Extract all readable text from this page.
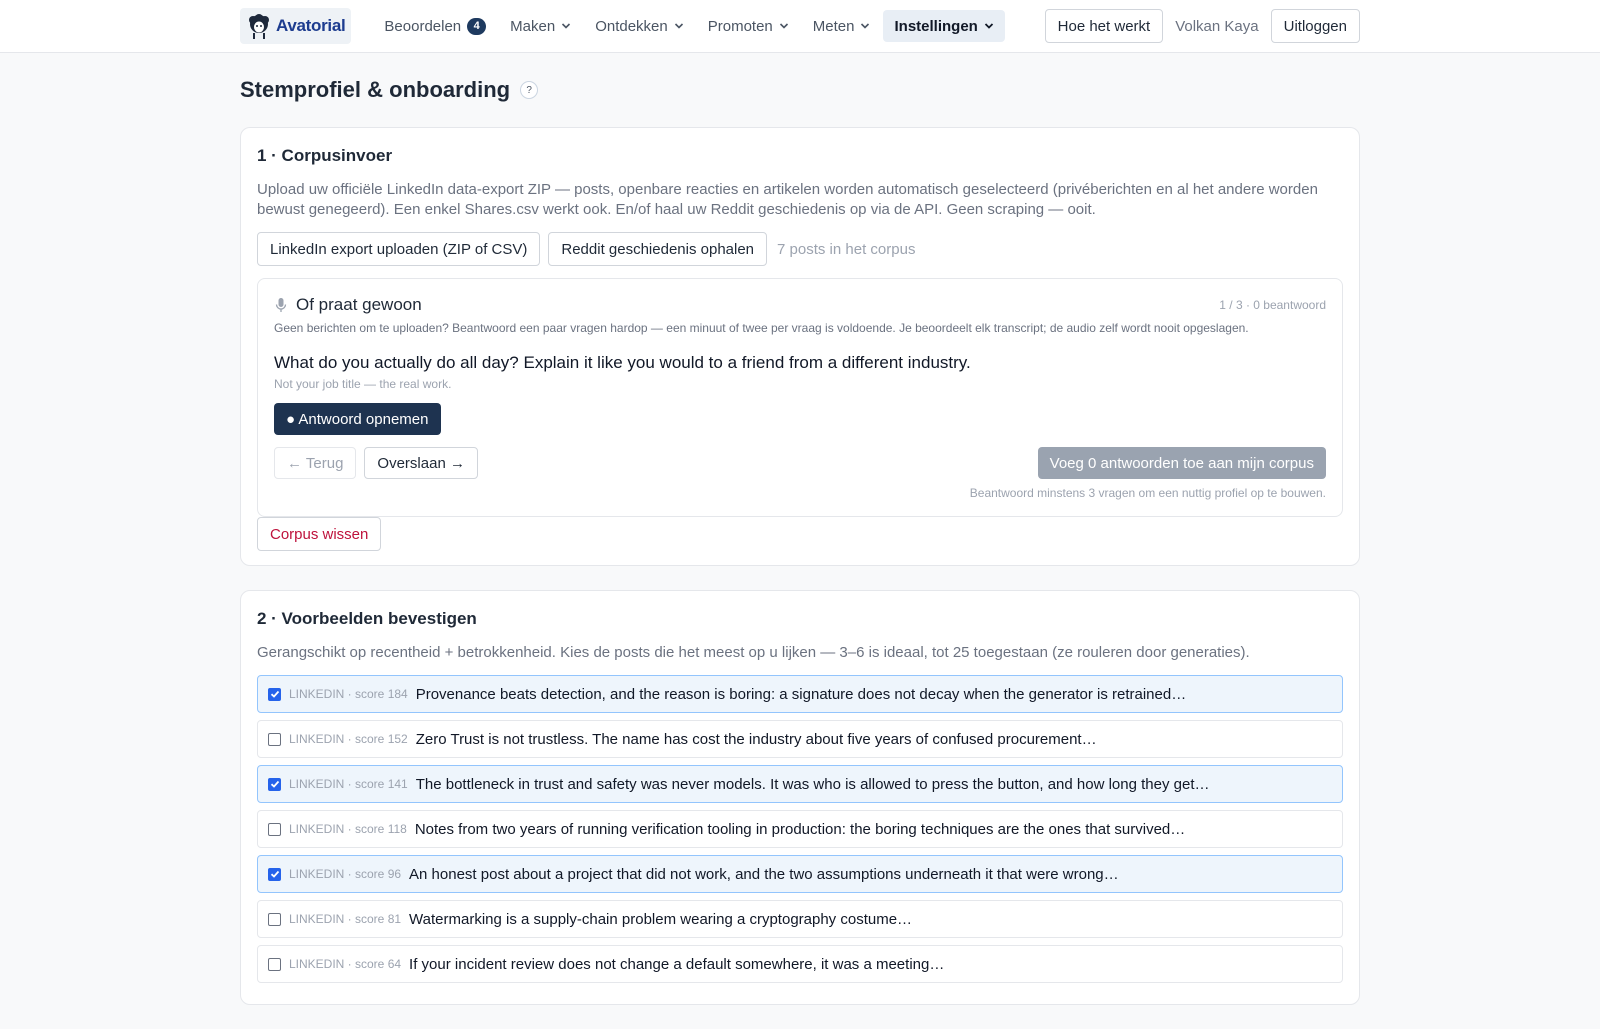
Avatorial	Beoordelen	4	Maken	Ontdekken	Promoten	Meten	Instellingen	Hoe het werkt	Volkan Kaya	Uitloggen
Stemprofiel & onboarding	?
1 · Corpusinvoer

Upload uw officiële LinkedIn data-export ZIP — posts, openbare reacties en artikelen worden automatisch geselecteerd (privéberichten en al het andere worden bewust genegeerd). Een enkel Shares.csv werkt ook. En/of haal uw Reddit geschiedenis op via de API. Geen scraping — ooit.

LinkedIn export uploaden (ZIP of CSV)	Reddit geschiedenis ophalen	7 posts in het corpus
Of praat gewoon	1 / 3 · 0 beantwoord

Geen berichten om te uploaden? Beantwoord een paar vragen hardop — een minuut of twee per vraag is voldoende. Je beoordeelt elk transcript; de audio zelf wordt nooit opgeslagen.

What do you actually do all day? Explain it like you would to a friend from a different industry.

Not your job title — the real work.

● Antwoord opnemen
← Terug	Overslaan →	Voeg 0 antwoorden toe aan mijn corpus

Beantwoord minstens 3 vragen om een nuttig profiel op te bouwen.

Corpus wissen
2 · Voorbeelden bevestigen

Gerangschikt op recentheid + betrokkenheid. Kies de posts die het meest op u lijken — 3–6 is ideaal, tot 25 toegestaan (ze rouleren door generaties).

LINKEDIN · score 184 Provenance beats detection, and the reason is boring: a signature does not decay when the generator is retrained…
LINKEDIN · score 152 Zero Trust is not trustless. The name has cost the industry about five years of confused procurement…
LINKEDIN · score 141 The bottleneck in trust and safety was never models. It was who is allowed to press the button, and how long they get…
LINKEDIN · score 118 Notes from two years of running verification tooling in production: the boring techniques are the ones that survived…
LINKEDIN · score 96 An honest post about a project that did not work, and the two assumptions underneath it that were wrong…
LINKEDIN · score 81 Watermarking is a supply-chain problem wearing a cryptography costume…
LINKEDIN · score 64 If your incident review does not change a default somewhere, it was a meeting…
